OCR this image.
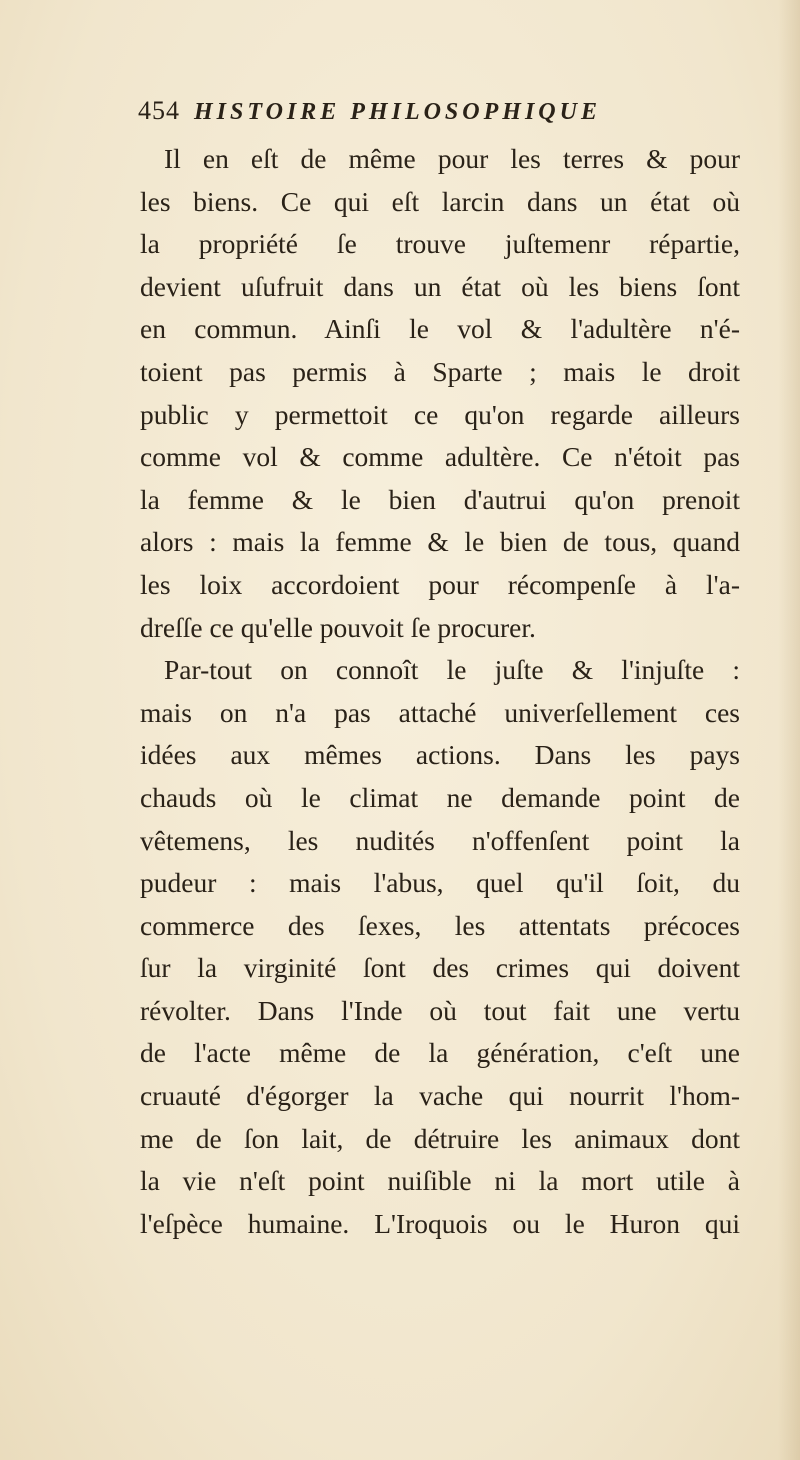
454 HISTOIRE PHILOSOPHIQUE
Il en eſt de même pour les terres & pour
les biens. Ce qui eſt larcin dans un état où
la propriété ſe trouve juſtemenr répartie,
devient uſufruit dans un état où les biens ſont
en commun. Ainſi le vol & l'adultère n'é-
toient pas permis à Sparte ; mais le droit
public y permettoit ce qu'on regarde ailleurs
comme vol & comme adultère. Ce n'étoit pas
la femme & le bien d'autrui qu'on prenoit
alors : mais la femme & le bien de tous, quand
les loix accordoient pour récompenſe à l'a-
dreſſe ce qu'elle pouvoit ſe procurer.
Par-tout on connoît le juſte & l'injuſte :
mais on n'a pas attaché univerſellement ces
idées aux mêmes actions. Dans les pays
chauds où le climat ne demande point de
vêtemens, les nudités n'offenſent point la
pudeur : mais l'abus, quel qu'il ſoit, du
commerce des ſexes, les attentats précoces
ſur la virginité ſont des crimes qui doivent
révolter. Dans l'Inde où tout fait une vertu
de l'acte même de la génération, c'eſt une
cruauté d'égorger la vache qui nourrit l'hom-
me de ſon lait, de détruire les animaux dont
la vie n'eſt point nuiſible ni la mort utile à
l'eſpèce humaine. L'Iroquois ou le Huron qui
